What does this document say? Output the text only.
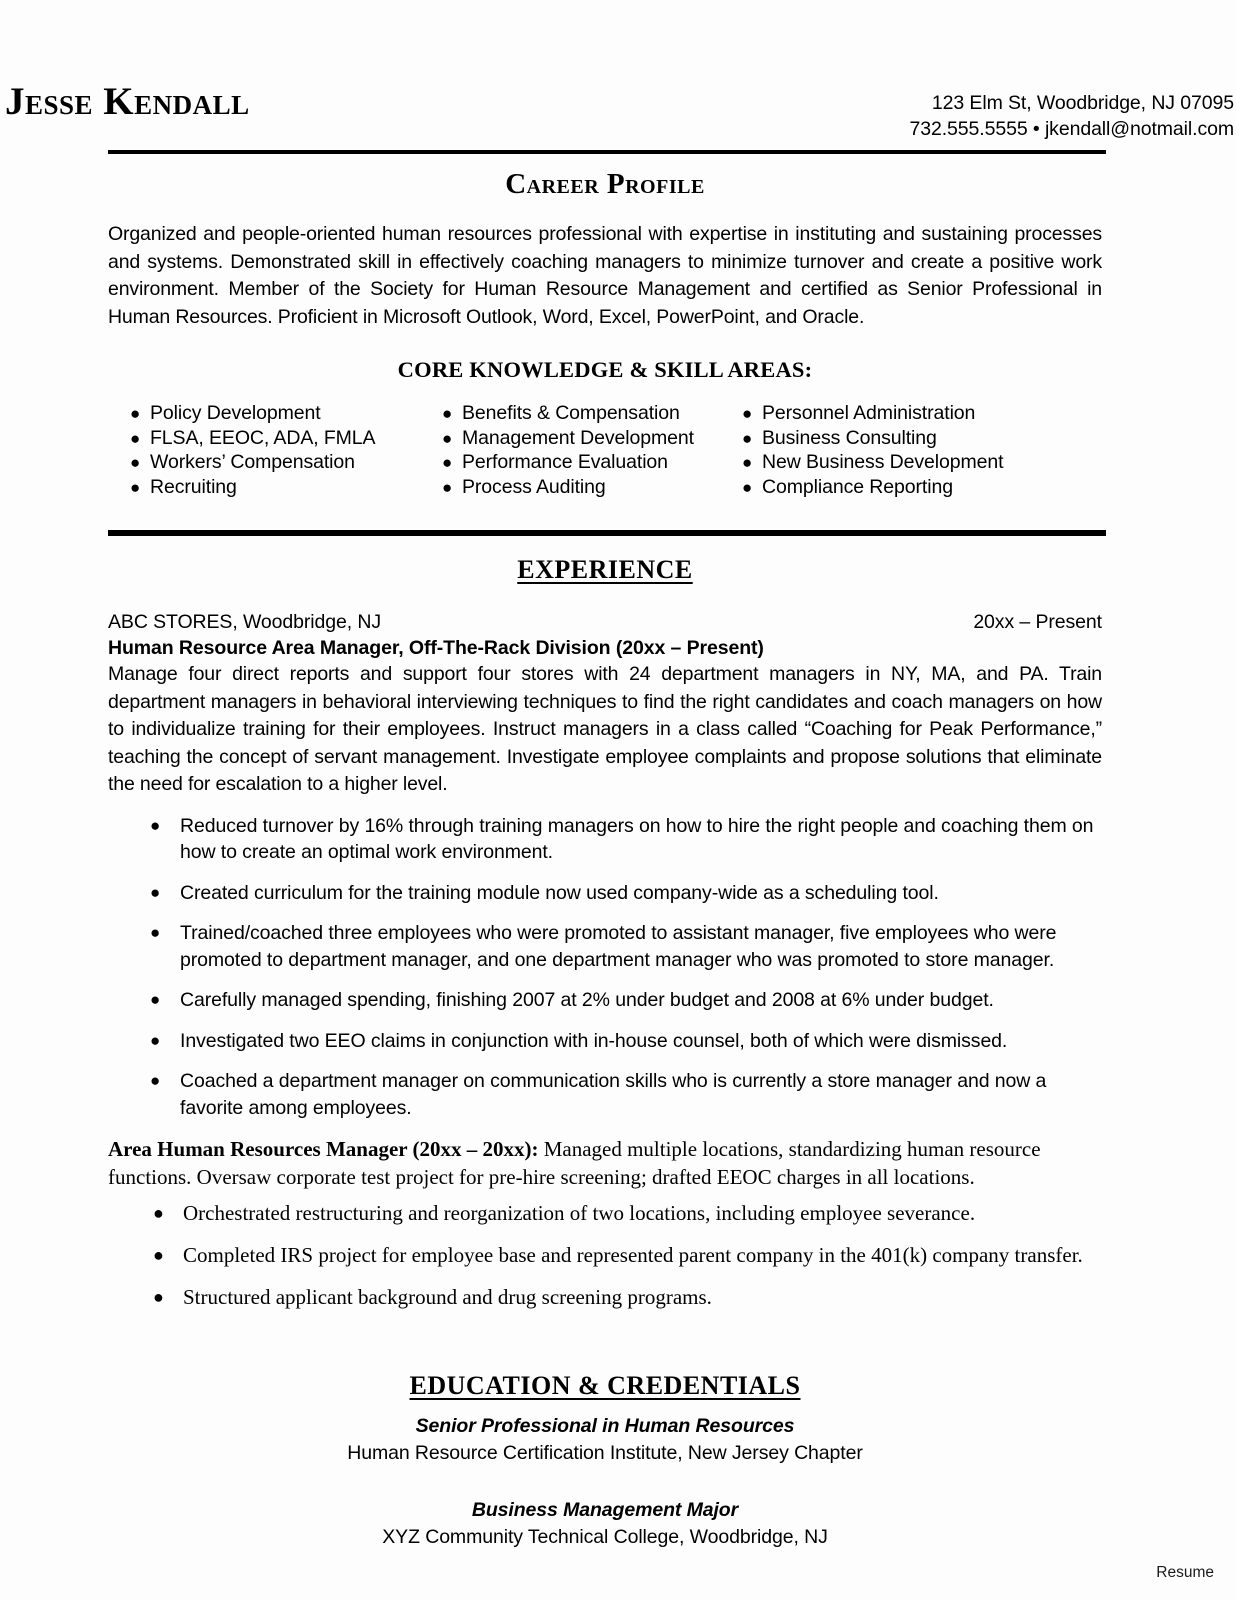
Jesse Kendall	123 Elm St, Woodbridge, NJ 07095
732.555.5555 • jkendall@notmail.com
Career Profile

Organized and people-oriented human resources professional with expertise in instituting and sustaining processes and systems. Demonstrated skill in effectively coaching managers to minimize turnover and create a positive work environment. Member of the Society for Human Resource Management and certified as Senior Professional in Human Resources. Proficient in Microsoft Outlook, Word, Excel, PowerPoint, and Oracle.

CORE KNOWLEDGE & SKILL AREAS:
● Policy Development
● FLSA, EEOC, ADA, FMLA
● Workers’ Compensation
● Recruiting
● Benefits & Compensation
● Management Development
● Performance Evaluation
● Process Auditing
● Personnel Administration
● Business Consulting
● New Business Development
● Compliance Reporting
EXPERIENCE
ABC STORES, Woodbridge, NJ	20xx – Present
Human Resource Area Manager, Off-The-Rack Division (20xx – Present)

Manage four direct reports and support four stores with 24 department managers in NY, MA, and PA. Train department managers in behavioral interviewing techniques to find the right candidates and coach managers on how to individualize training for their employees. Instruct managers in a class called “Coaching for Peak Performance,” teaching the concept of servant management. Investigate employee complaints and propose solutions that eliminate the need for escalation to a higher level.

●	Reduced turnover by 16% through training managers on how to hire the right people and coaching them on how to create an optimal work environment.
●	Created curriculum for the training module now used company-wide as a scheduling tool.
●	Trained/coached three employees who were promoted to assistant manager, five employees who were promoted to department manager, and one department manager who was promoted to store manager.
●	Carefully managed spending, finishing 2007 at 2% under budget and 2008 at 6% under budget.
●	Investigated two EEO claims in conjunction with in-house counsel, both of which were dismissed.
●	Coached a department manager on communication skills who is currently a store manager and now a favorite among employees.
Area Human Resources Manager (20xx – 20xx): Managed multiple locations, standardizing human resource functions. Oversaw corporate test project for pre-hire screening; drafted EEOC charges in all locations.
● Orchestrated restructuring and reorganization of two locations, including employee severance.
● Completed IRS project for employee base and represented parent company in the 401(k) company transfer.
● Structured applicant background and drug screening programs.
EDUCATION & CREDENTIALS
Senior Professional in Human Resources
Human Resource Certification Institute, New Jersey Chapter
Business Management Major
XYZ Community Technical College, Woodbridge, NJ
Resume
